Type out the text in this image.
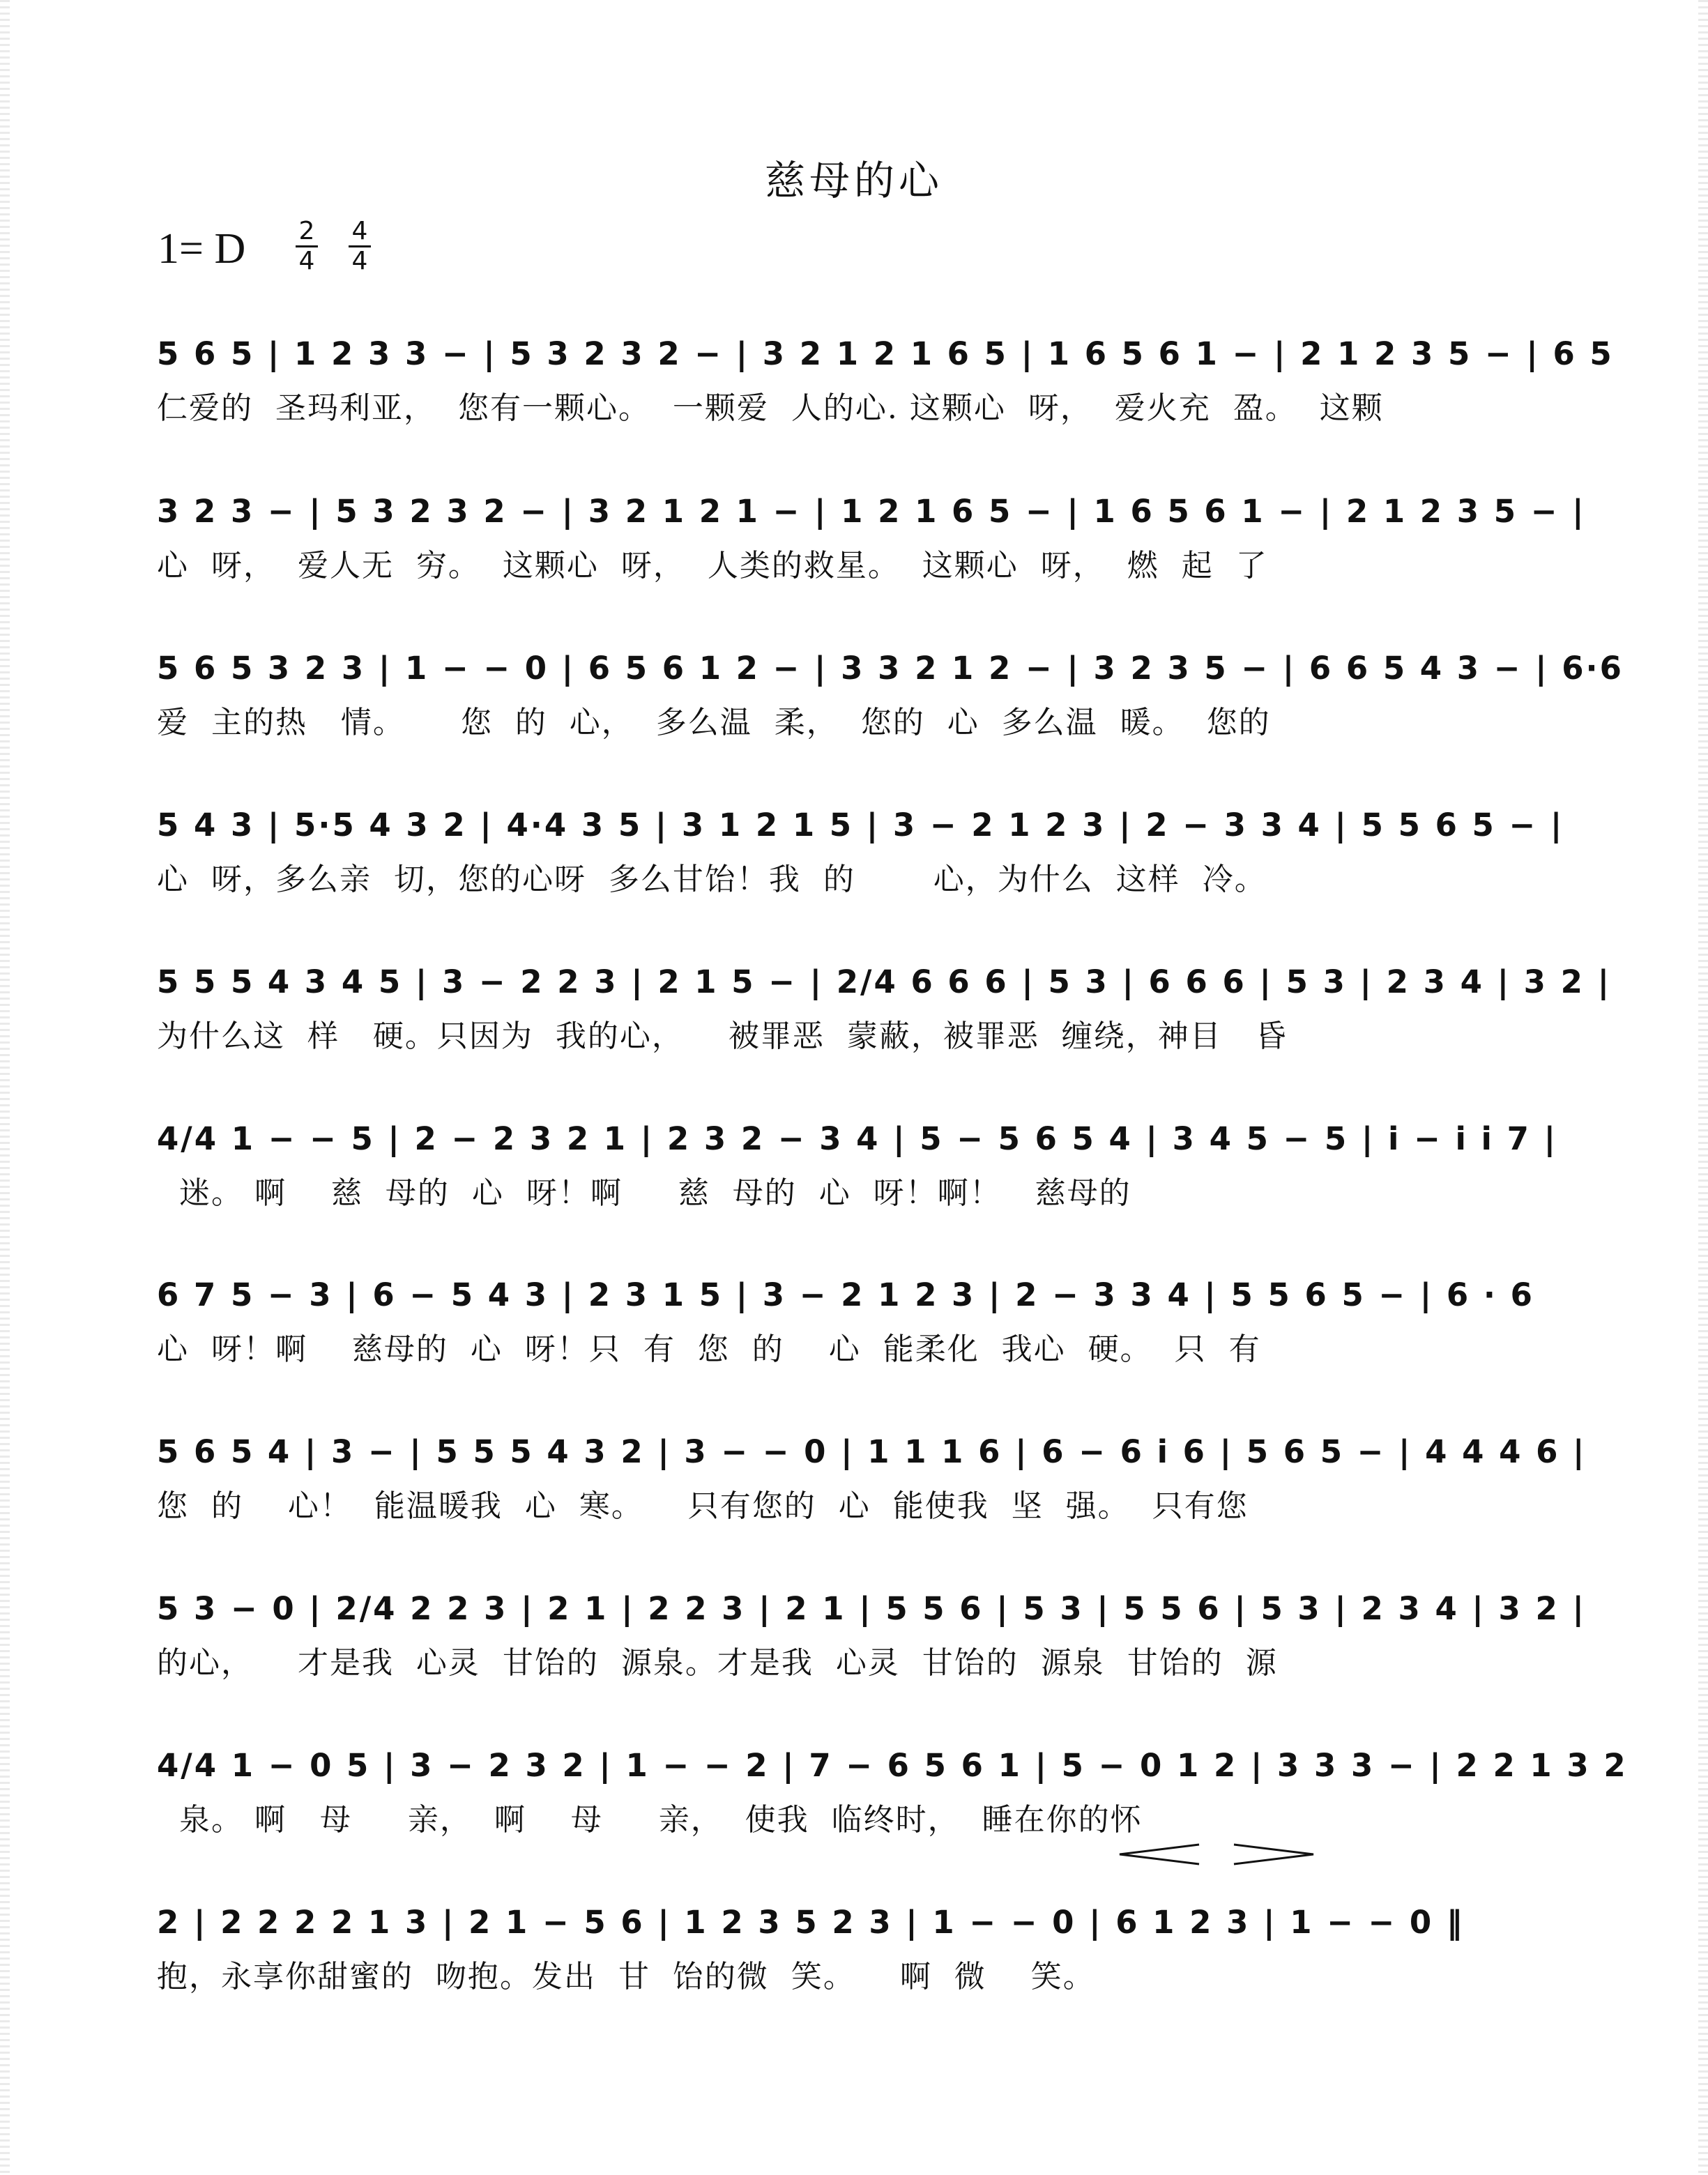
慈母的心
1= D 2
4
4
4
5 6 5 | 1 2 3 3 − | 5 3 2 3 2 − | 3 2 1 2 1 6 5 | 1 6 5 6 1 − | 2 1 2 3 5 − | 6 5
仁爱的  圣玛利亚，  您有一颗心。  一颗爱  人的心. 这颗心  呀，  爱火充  盈。  这颗
3 2 3 − | 5 3 2 3 2 − | 3 2 1 2 1 − | 1 2 1 6 5 − | 1 6 5 6 1 − | 2 1 2 3 5 − |
心  呀，  爱人无  穷。  这颗心  呀，  人类的救星。  这颗心  呀，  燃  起  了
5 6 5 3 2 3 | 1 − − 0 | 6 5 6 1 2 − | 3 3 2 1 2 − | 3 2 3 5 − | 6 6 5 4 3 − | 6·6
爱  主的热   情。     您  的  心，  多么温  柔，  您的  心  多么温  暖。  您的
5 4 3 | 5·5 4 3 2 | 4·4 3 5 | 3 1 2 1 5 | 3 − 2 1 2 3 | 2 − 3 3 4 | 5 5 6 5 − |
心  呀，多么亲  切，您的心呀  多么甘饴！我  的       心，为什么  这样  冷。
5 5 5 4 3 4 5 | 3 − 2 2 3 | 2 1 5 − | 2/4 6 6 6 | 5 3 | 6 6 6 | 5 3 | 2 3 4 | 3 2 |
为什么这  样   硬。只因为  我的心，    被罪恶  蒙蔽，被罪恶  缠绕，神目   昏
4/4 1 − − 5 | 2 − 2 3 2 1 | 2 3 2 − 3 4 | 5 − 5 6 5 4 | 3 4 5 − 5 | i − i i 7 |
迷。 啊    慈  母的  心  呀！啊     慈  母的  心  呀！啊！   慈母的
6 7 5 − 3 | 6 − 5 4 3 | 2 3 1 5 | 3 − 2 1 2 3 | 2 − 3 3 4 | 5 5 6 5 − | 6 · 6
心  呀！啊    慈母的  心  呀！只  有  您  的    心  能柔化  我心  硬。  只  有
5 6 5 4 | 3 − | 5 5 5 4 3 2 | 3 − − 0 | 1 1 1 6 | 6 − 6 i 6 | 5 6 5 − | 4 4 4 6 |
您  的    心！  能温暖我  心  寒。    只有您的  心  能使我  坚  强。  只有您
5 3 − 0 | 2/4 2 2 3 | 2 1 | 2 2 3 | 2 1 | 5 5 6 | 5 3 | 5 5 6 | 5 3 | 2 3 4 | 3 2 |
的心，    才是我  心灵  甘饴的  源泉。才是我  心灵  甘饴的  源泉  甘饴的  源
4/4 1 − 0 5 | 3 − 2 3 2 | 1 − − 2 | 7 − 6 5 6 1 | 5 − 0 1 2 | 3 3 3 − | 2 2 1 3 2
泉。 啊   母     亲，  啊    母     亲，  使我  临终时，  睡在你的怀
2 | 2 2 2 2 1 3 | 2 1 − 5 6 | 1 2 3 5 2 3 | 1 − − 0 | 6 1 2 3 | 1 − − 0 ‖
抱，永享你甜蜜的  吻抱。发出  甘  饴的微  笑。    啊  微    笑。
